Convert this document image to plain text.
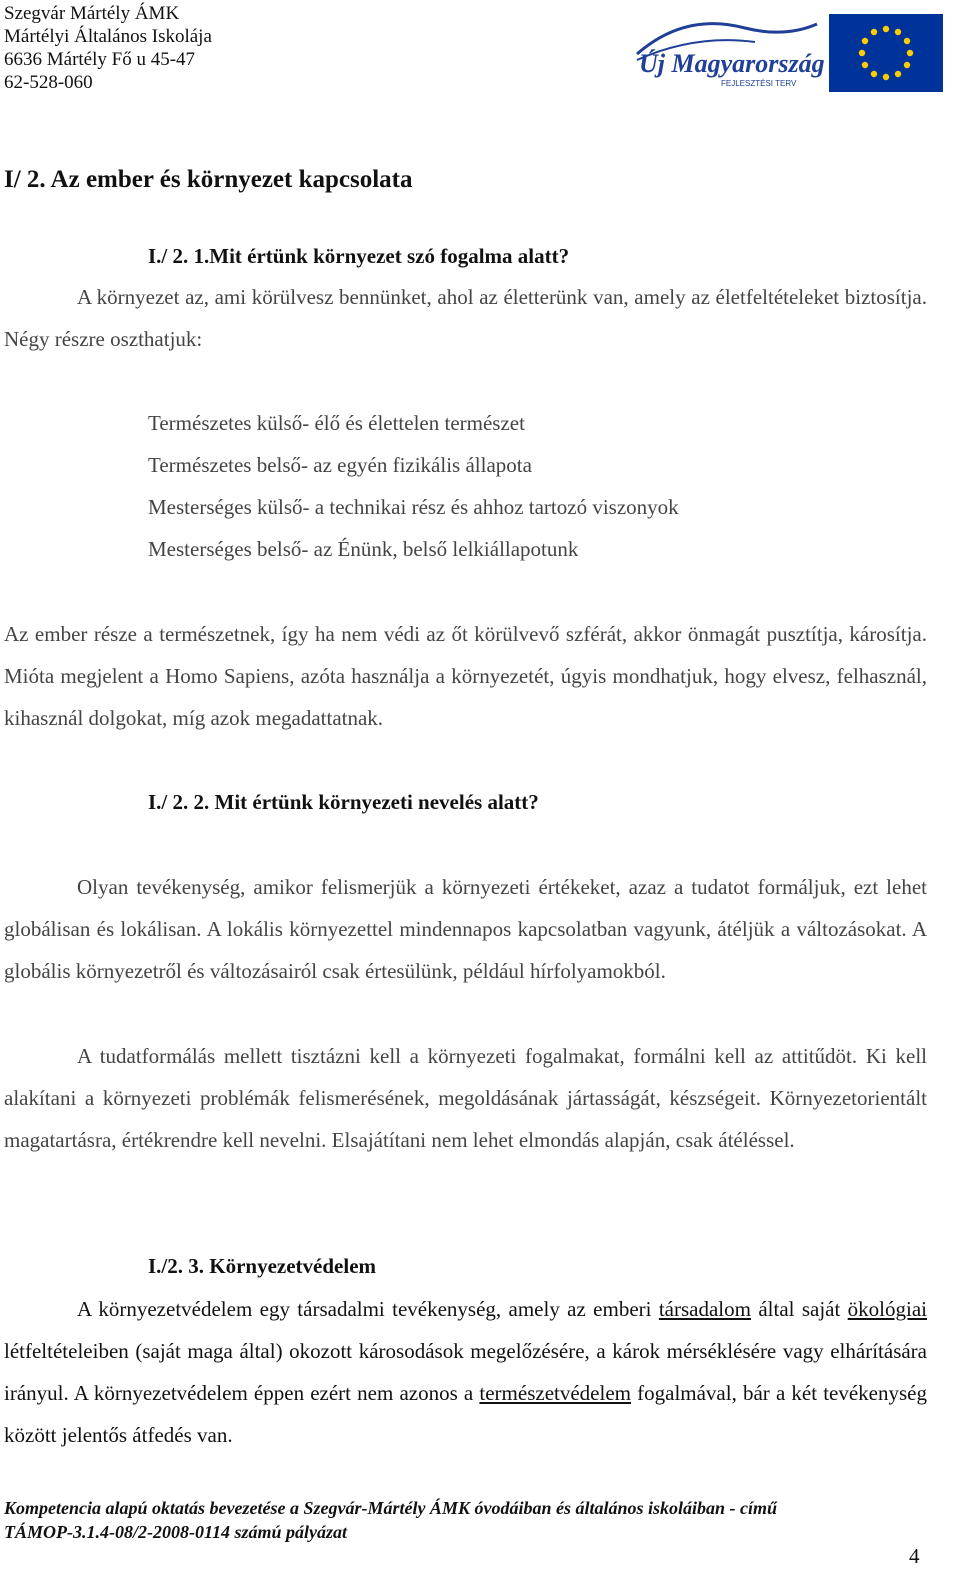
Szegvár Mártély ÁMK
Mártélyi Általános Iskolája
6636 Mártély Fő u 45-47
62-528-060
Új Magyarország
FEJLESZTÉSI TERV
I/ 2. Az ember és környezet kapcsolata
I./ 2. 1.Mit értünk környezet szó fogalma alatt?

A környezet az, ami körülvesz bennünket, ahol az életterünk van, amely az életfeltételeket biztosítja. Négy részre oszthatjuk:

Természetes külső- élő és élettelen természet
Természetes belső- az egyén fizikális állapota
Mesterséges külső- a technikai rész és ahhoz tartozó viszonyok
Mesterséges belső- az Énünk, belső lelkiállapotunk

Az ember része a természetnek, így ha nem védi az őt körülvevő szférát, akkor önmagát pusztítja, károsítja. Mióta megjelent a Homo Sapiens, azóta használja a környezetét, úgyis mondhatjuk, hogy elvesz, felhasznál, kihasznál dolgokat, míg azok megadattatnak.

I./ 2. 2. Mit értünk környezeti nevelés alatt?

Olyan tevékenység, amikor felismerjük a környezeti értékeket, azaz a tudatot formáljuk, ezt lehet globálisan és lokálisan. A lokális környezettel mindennapos kapcsolatban vagyunk, átéljük a változásokat. A globális környezetről és változásairól csak értesülünk, például hírfolyamokból.

A tudatformálás mellett tisztázni kell a környezeti fogalmakat, formálni kell az attitűdöt. Ki kell alakítani a környezeti problémák felismerésének, megoldásának jártasságát, készségeit. Környezetorientált magatartásra, értékrendre kell nevelni. Elsajátítani nem lehet elmondás alapján, csak átéléssel.

I./2. 3. Környezetvédelem

A környezetvédelem egy társadalmi tevékenység, amely az emberi társadalom által saját ökológiai létfeltételeiben (saját maga által) okozott károsodások megelőzésére, a károk mérséklésére vagy elhárítására irányul. A környezetvédelem éppen ezért nem azonos a természetvédelem fogalmával, bár a két tevékenység között jelentős átfedés van.

Kompetencia alapú oktatás bevezetése a Szegvár-Mártély ÁMK óvodáiban és általános iskoláiban - című
TÁMOP-3.1.4-08/2-2008-0114 számú pályázat
4
